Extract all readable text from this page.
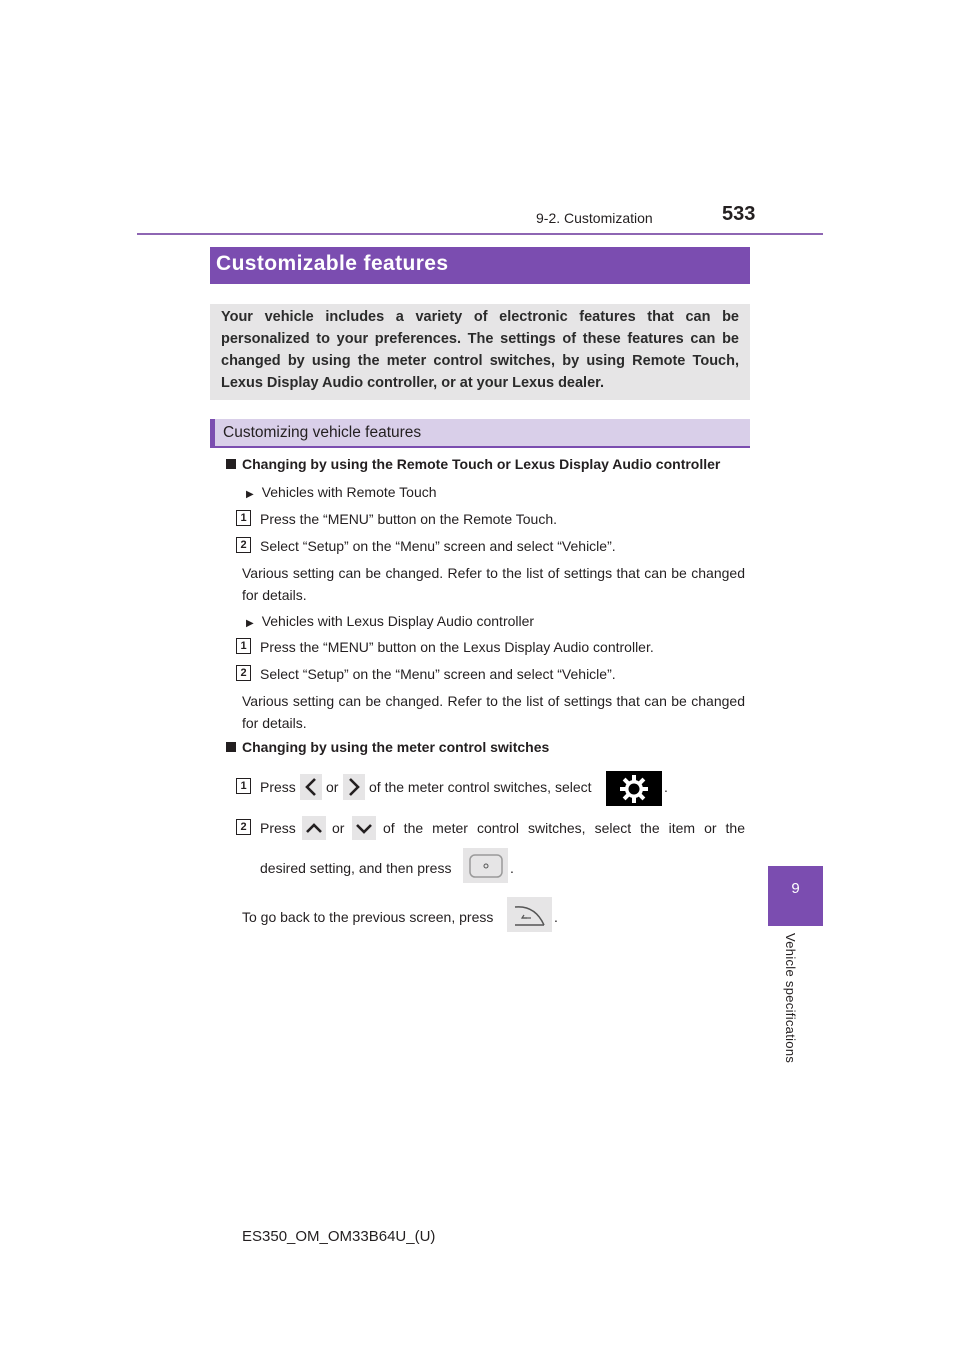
9-2. Customization	533
9
Vehicle specifications
Customizable features
Your vehicle includes a variety of electronic features that can be personalized to your preferences. The settings of these features can be changed by using the meter control switches, by using Remote Touch, Lexus Display Audio controller, or at your Lexus dealer.
Customizing vehicle features
Changing by using the Remote Touch or Lexus Display Audio controller
▶ Vehicles with Remote Touch
1 Press the “MENU” button on the Remote Touch.
2 Select “Setup” on the “Menu” screen and select “Vehicle”.
Various setting can be changed. Refer to the list of settings that can be changed for details.
▶ Vehicles with Lexus Display Audio controller
1 Press the “MENU” button on the Lexus Display Audio controller.
2 Select “Setup” on the “Menu” screen and select “Vehicle”.
Various setting can be changed. Refer to the list of settings that can be changed for details.
Changing by using the meter control switches
1 Press or of the meter control switches, select	.
2 Press	or	of the meter control switches, select the item or the
desired setting, and then press	.
To go back to the previous screen, press	.
ES350_OM_OM33B64U_(U)
